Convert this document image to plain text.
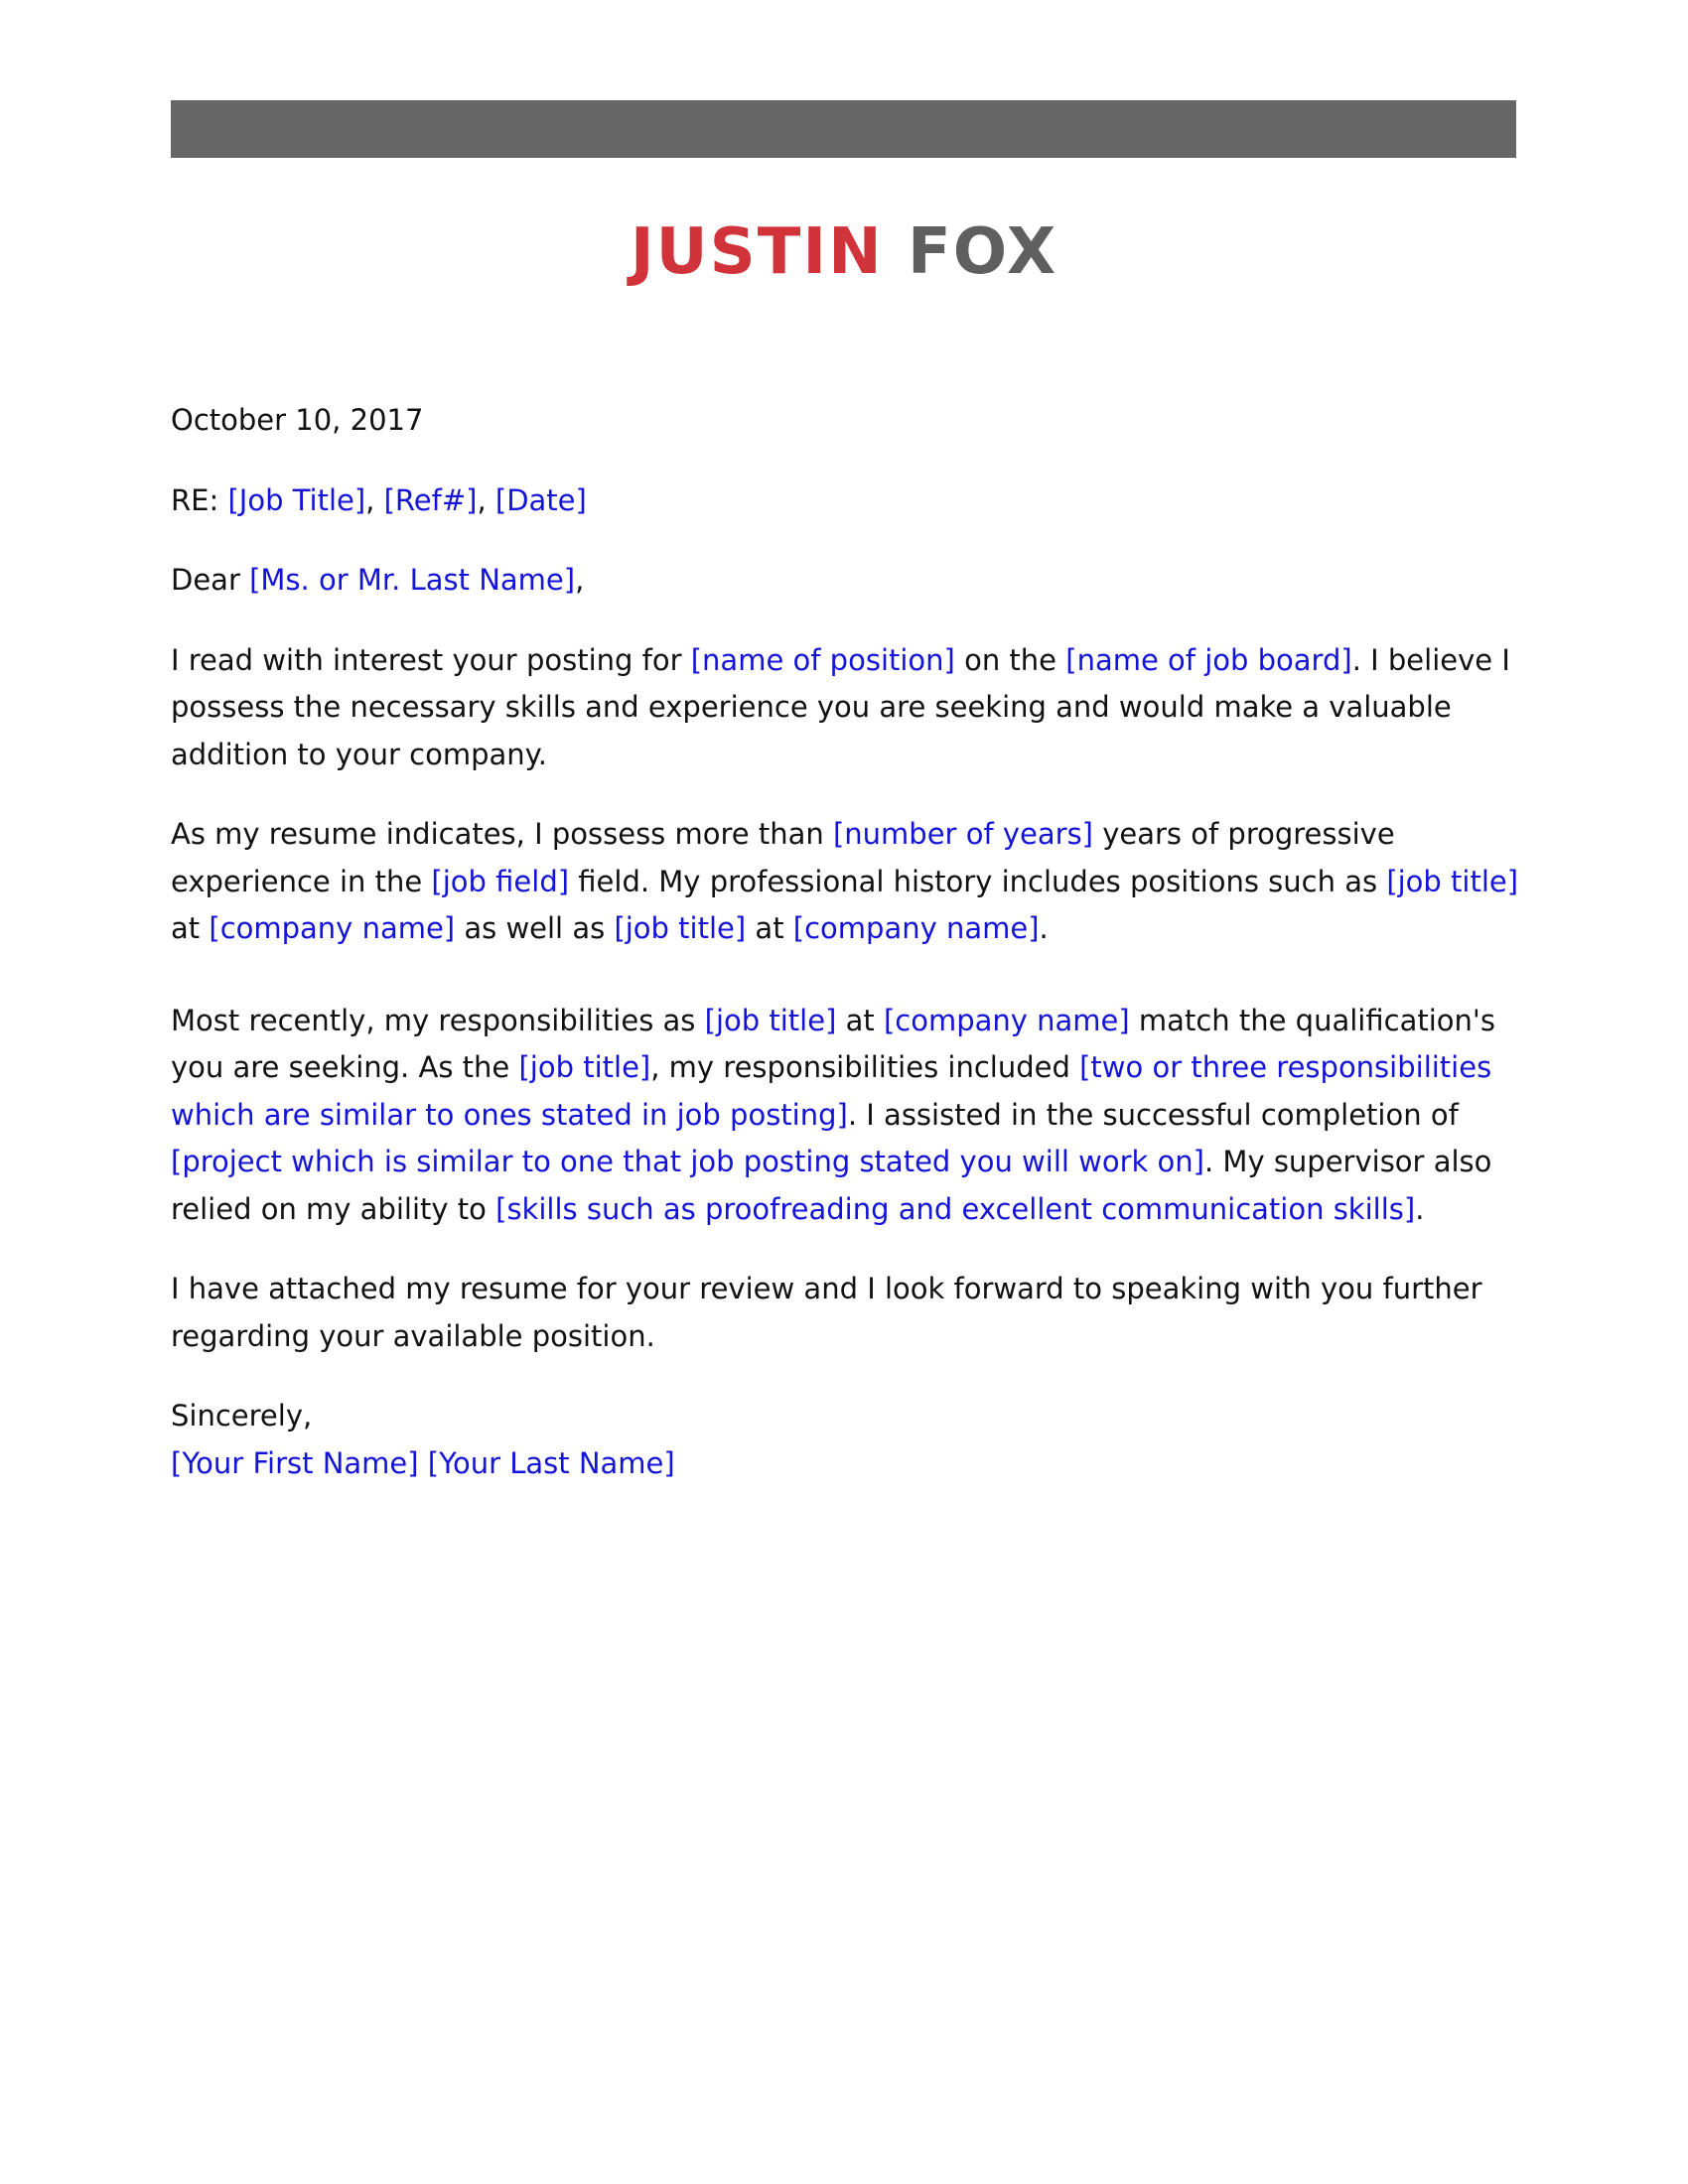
JUSTIN FOX

October 10, 2017

RE: [Job Title], [Ref#], [Date]

Dear [Ms. or Mr. Last Name],

I read with interest your posting for [name of position] on the [name of job board]. I believe I possess the necessary skills and experience you are seeking and would make a valuable addition to your company.

As my resume indicates, I possess more than [number of years] years of progressive experience in the [job field] field. My professional history includes positions such as [job title] at [company name] as well as [job title] at [company name].

Most recently, my responsibilities as [job title] at [company name] match the qualification's you are seeking. As the [job title], my responsibilities included [two or three responsibilities which are similar to ones stated in job posting]. I assisted in the successful completion of [project which is similar to one that job posting stated you will work on]. My supervisor also relied on my ability to [skills such as proofreading and excellent communication skills].

I have attached my resume for your review and I look forward to speaking with you further regarding your available position.

Sincerely,

[Your First Name] [Your Last Name]
